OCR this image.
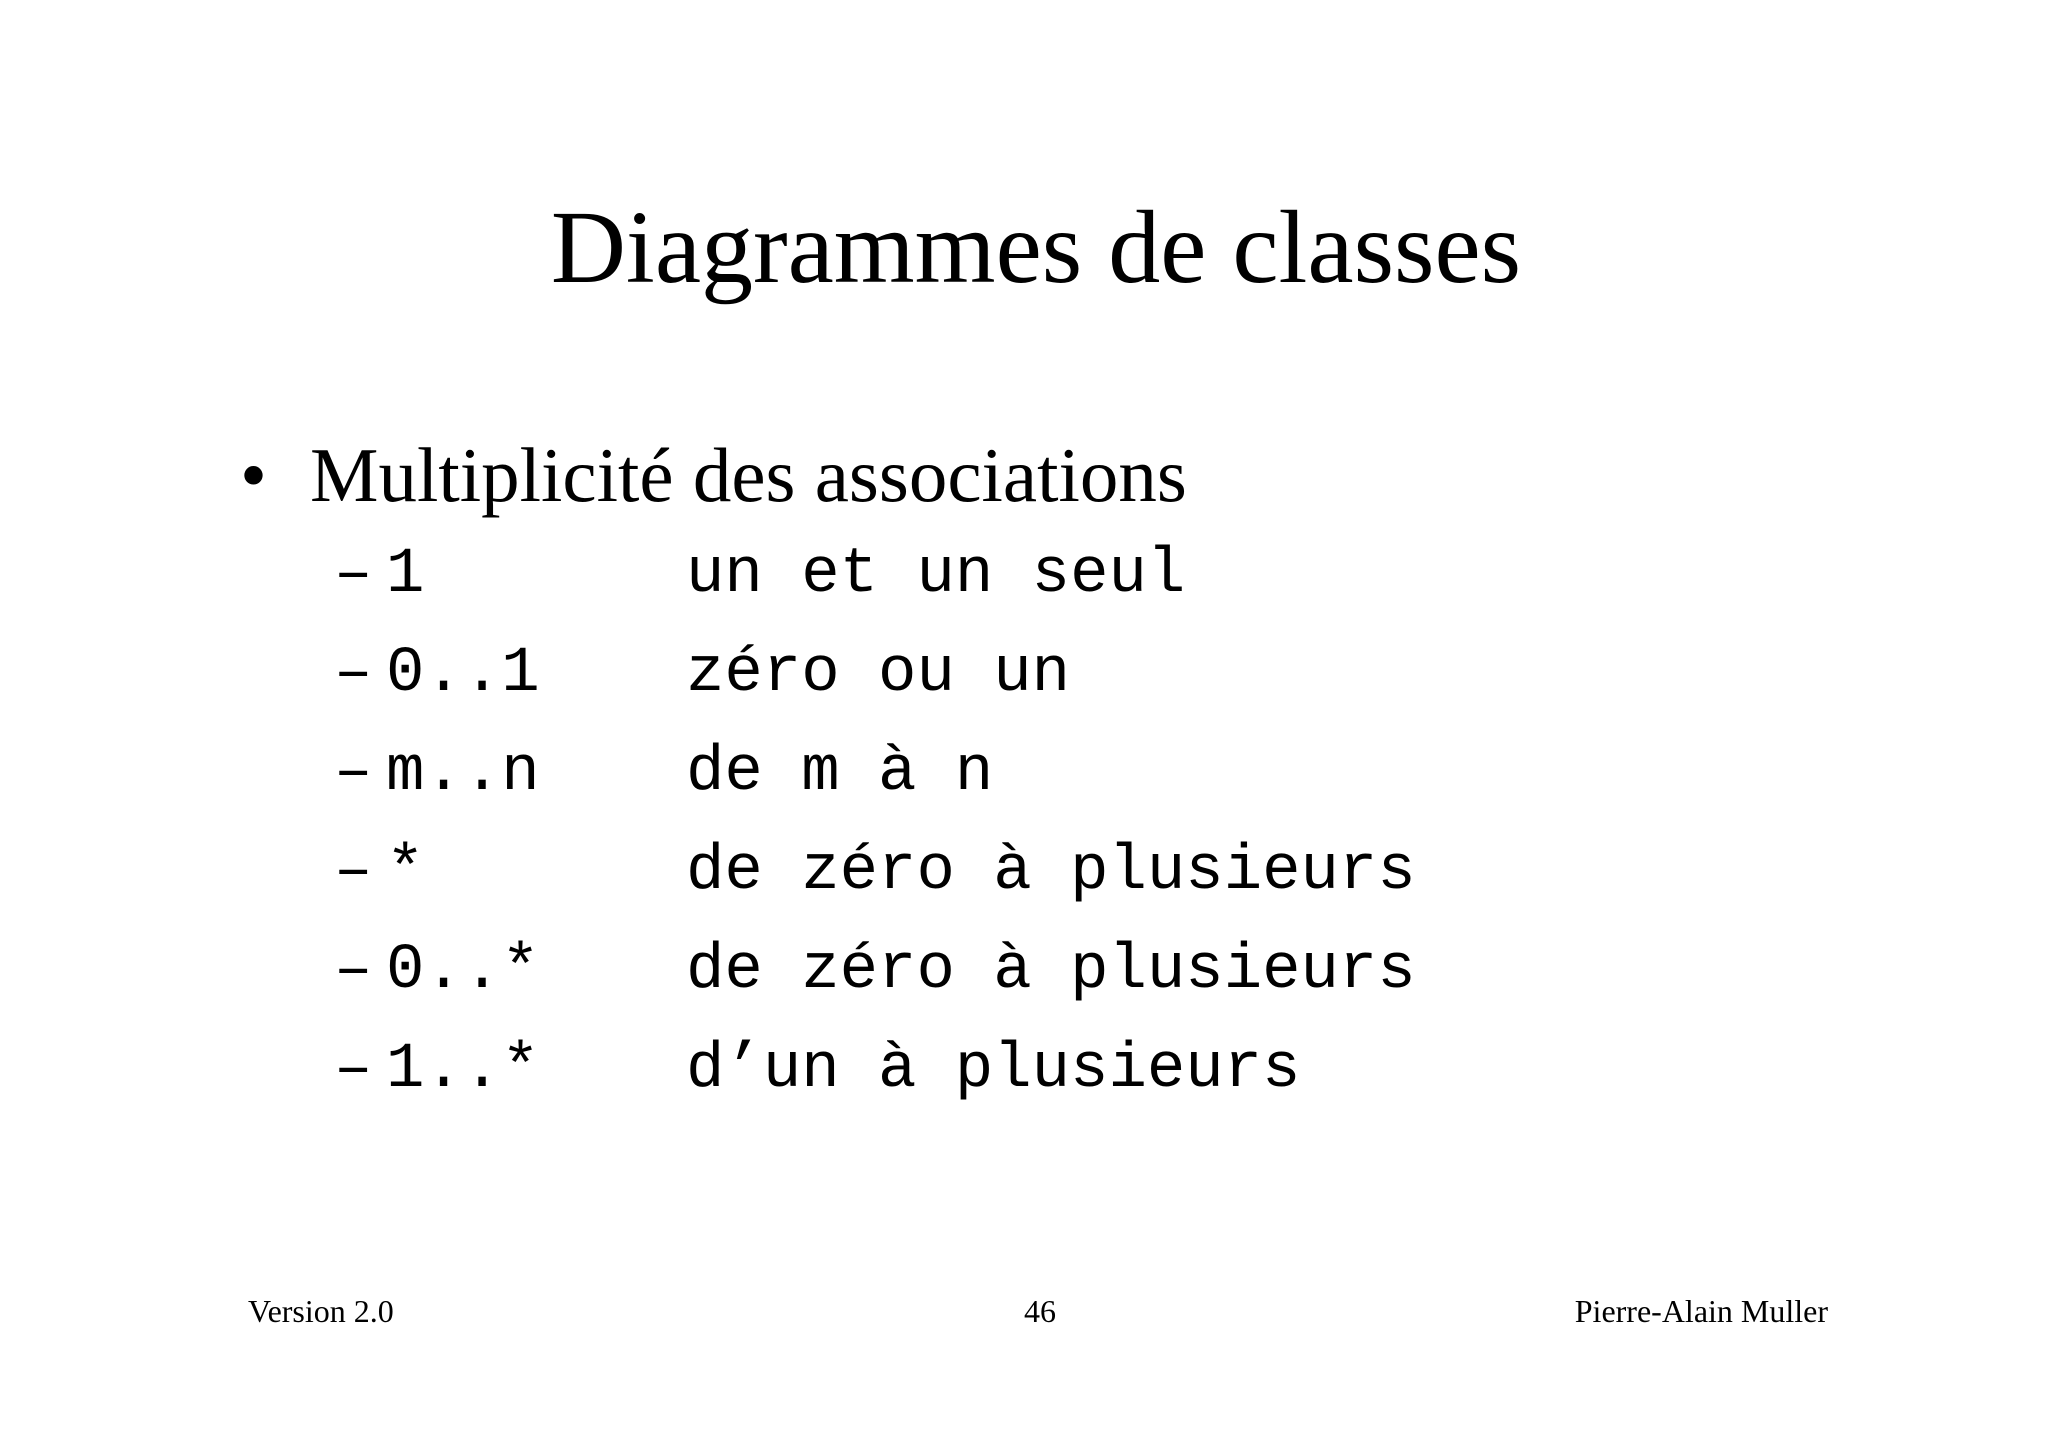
Diagrammes de classes
• Multiplicité des associations
– 1	un et un seul
– 0..1 zéro ou un
– m..n de m à n
– *	de zéro à plusieurs
– 0..* de zéro à plusieurs
– 1..* d’un à plusieurs
Version 2.0	46	Pierre-Alain Muller
